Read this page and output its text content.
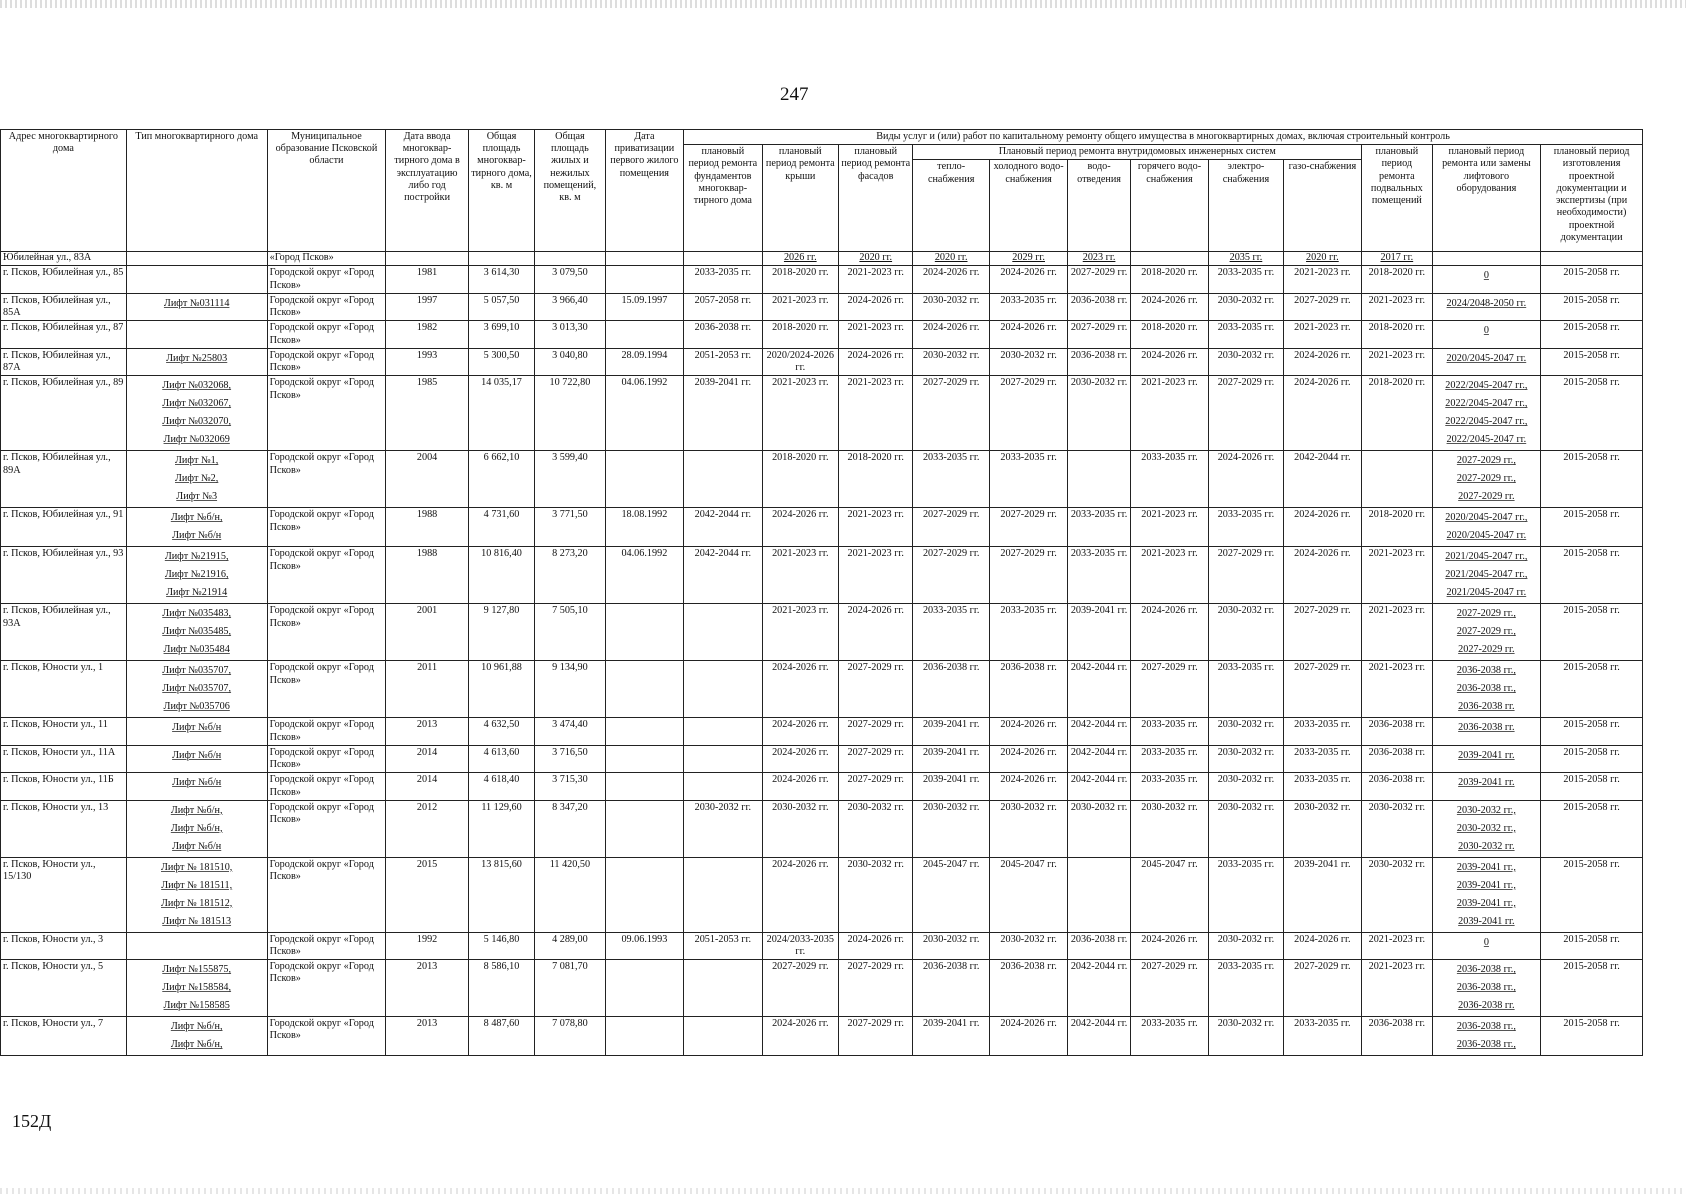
247
Адрес многоквартирного дома	Тип многоквартирного дома	Муниципальное образование Псковской области	Дата ввода многоквар-тирного дома в эксплуатацию либо год постройки	Общая площадь многоквар-тирного дома, кв. м	Общая площадь жилых и нежилых помещений, кв. м	Дата приватизации первого жилого помещения	Виды услуг и (или) работ по капитальному ремонту общего имущества в многоквартирных домах, включая строительный контроль											
							плановый период ремонта фундаментов многоквар-тирного дома	плановый период ремонта крыши	плановый период ремонта фасадов	Плановый период ремонта внутридомовых инженерных систем						плановый период ремонта подвальных помещений	плановый период ремонта или замены лифтового оборудования	плановый период изготовления проектной документации и экспертизы (при необходимости) проектной документации
										тепло-снабжения	холодного водо-снабжения	водо-отведения	горячего водо-снабжения	электро-снабжения	газо-снабжения			
Юбилейная ул., 83А		«Город Псков»						2026 гг.	2020 гг.	2020 гг.	2029 гг.	2023 гг.		2035 гг.	2020 гг.	2017 гг.		
г. Псков, Юбилейная ул., 85		Городской округ «Город Псков»	1981	3 614,30	3 079,50		2033-2035 гг.	2018-2020 гг.	2021-2023 гг.	2024-2026 гг.	2024-2026 гг.	2027-2029 гг.	2018-2020 гг.	2033-2035 гг.	2021-2023 гг.	2018-2020 гг.	0	2015-2058 гг.
г. Псков, Юбилейная ул., 85А	Лифт №031114	Городской округ «Город Псков»	1997	5 057,50	3 966,40	15.09.1997	2057-2058 гг.	2021-2023 гг.	2024-2026 гг.	2030-2032 гг.	2033-2035 гг.	2036-2038 гг.	2024-2026 гг.	2030-2032 гг.	2027-2029 гг.	2021-2023 гг.	2024/2048-2050 гг.	2015-2058 гг.
г. Псков, Юбилейная ул., 87		Городской округ «Город Псков»	1982	3 699,10	3 013,30		2036-2038 гг.	2018-2020 гг.	2021-2023 гг.	2024-2026 гг.	2024-2026 гг.	2027-2029 гг.	2018-2020 гг.	2033-2035 гг.	2021-2023 гг.	2018-2020 гг.	0	2015-2058 гг.
г. Псков, Юбилейная ул., 87А	Лифт №25803	Городской округ «Город Псков»	1993	5 300,50	3 040,80	28.09.1994	2051-2053 гг.	2020/2024-2026 гг.	2024-2026 гг.	2030-2032 гг.	2030-2032 гг.	2036-2038 гг.	2024-2026 гг.	2030-2032 гг.	2024-2026 гг.	2021-2023 гг.	2020/2045-2047 гг.	2015-2058 гг.
г. Псков, Юбилейная ул., 89	Лифт №032068,
Лифт №032067,
Лифт №032070,
Лифт №032069	Городской округ «Город Псков»	1985	14 035,17	10 722,80	04.06.1992	2039-2041 гг.	2021-2023 гг.	2021-2023 гг.	2027-2029 гг.	2027-2029 гг.	2030-2032 гг.	2021-2023 гг.	2027-2029 гг.	2024-2026 гг.	2018-2020 гг.	2022/2045-2047 гг.,
2022/2045-2047 гг.,
2022/2045-2047 гг.,
2022/2045-2047 гг.	2015-2058 гг.
г. Псков, Юбилейная ул., 89А	Лифт №1,
Лифт №2,
Лифт №3	Городской округ «Город Псков»	2004	6 662,10	3 599,40			2018-2020 гг.	2018-2020 гг.	2033-2035 гг.	2033-2035 гг.		2033-2035 гг.	2024-2026 гг.	2042-2044 гг.		2027-2029 гг.,
2027-2029 гг.,
2027-2029 гг.	2015-2058 гг.
г. Псков, Юбилейная ул., 91	Лифт №б/н,
Лифт №б/н	Городской округ «Город Псков»	1988	4 731,60	3 771,50	18.08.1992	2042-2044 гг.	2024-2026 гг.	2021-2023 гг.	2027-2029 гг.	2027-2029 гг.	2033-2035 гг.	2021-2023 гг.	2033-2035 гг.	2024-2026 гг.	2018-2020 гг.	2020/2045-2047 гг.,
2020/2045-2047 гг.	2015-2058 гг.
г. Псков, Юбилейная ул., 93	Лифт №21915,
Лифт №21916,
Лифт №21914	Городской округ «Город Псков»	1988	10 816,40	8 273,20	04.06.1992	2042-2044 гг.	2021-2023 гг.	2021-2023 гг.	2027-2029 гг.	2027-2029 гг.	2033-2035 гг.	2021-2023 гг.	2027-2029 гг.	2024-2026 гг.	2021-2023 гг.	2021/2045-2047 гг.,
2021/2045-2047 гг.,
2021/2045-2047 гг.	2015-2058 гг.
г. Псков, Юбилейная ул., 93А	Лифт №035483,
Лифт №035485,
Лифт №035484	Городской округ «Город Псков»	2001	9 127,80	7 505,10			2021-2023 гг.	2024-2026 гг.	2033-2035 гг.	2033-2035 гг.	2039-2041 гг.	2024-2026 гг.	2030-2032 гг.	2027-2029 гг.	2021-2023 гг.	2027-2029 гг.,
2027-2029 гг.,
2027-2029 гг.	2015-2058 гг.
г. Псков, Юности ул., 1	Лифт №035707,
Лифт №035707,
Лифт №035706	Городской округ «Город Псков»	2011	10 961,88	9 134,90			2024-2026 гг.	2027-2029 гг.	2036-2038 гг.	2036-2038 гг.	2042-2044 гг.	2027-2029 гг.	2033-2035 гг.	2027-2029 гг.	2021-2023 гг.	2036-2038 гг.,
2036-2038 гг.,
2036-2038 гг.	2015-2058 гг.
г. Псков, Юности ул., 11	Лифт №б/н	Городской округ «Город Псков»	2013	4 632,50	3 474,40			2024-2026 гг.	2027-2029 гг.	2039-2041 гг.	2024-2026 гг.	2042-2044 гг.	2033-2035 гг.	2030-2032 гг.	2033-2035 гг.	2036-2038 гг.	2036-2038 гг.	2015-2058 гг.
г. Псков, Юности ул., 11А	Лифт №б/н	Городской округ «Город Псков»	2014	4 613,60	3 716,50			2024-2026 гг.	2027-2029 гг.	2039-2041 гг.	2024-2026 гг.	2042-2044 гг.	2033-2035 гг.	2030-2032 гг.	2033-2035 гг.	2036-2038 гг.	2039-2041 гг.	2015-2058 гг.
г. Псков, Юности ул., 11Б	Лифт №б/н	Городской округ «Город Псков»	2014	4 618,40	3 715,30			2024-2026 гг.	2027-2029 гг.	2039-2041 гг.	2024-2026 гг.	2042-2044 гг.	2033-2035 гг.	2030-2032 гг.	2033-2035 гг.	2036-2038 гг.	2039-2041 гг.	2015-2058 гг.
г. Псков, Юности ул., 13	Лифт №б/н,
Лифт №б/н,
Лифт №б/н	Городской округ «Город Псков»	2012	11 129,60	8 347,20		2030-2032 гг.	2030-2032 гг.	2030-2032 гг.	2030-2032 гг.	2030-2032 гг.	2030-2032 гг.	2030-2032 гг.	2030-2032 гг.	2030-2032 гг.	2030-2032 гг.	2030-2032 гг.,
2030-2032 гг.,
2030-2032 гг.	2015-2058 гг.
г. Псков, Юности ул., 15/130	Лифт № 181510,
Лифт № 181511,
Лифт № 181512,
Лифт № 181513	Городской округ «Город Псков»	2015	13 815,60	11 420,50			2024-2026 гг.	2030-2032 гг.	2045-2047 гг.	2045-2047 гг.		2045-2047 гг.	2033-2035 гг.	2039-2041 гг.	2030-2032 гг.	2039-2041 гг.,
2039-2041 гг.,
2039-2041 гг.,
2039-2041 гг.	2015-2058 гг.
г. Псков, Юности ул., 3		Городской округ «Город Псков»	1992	5 146,80	4 289,00	09.06.1993	2051-2053 гг.	2024/2033-2035 гг.	2024-2026 гг.	2030-2032 гг.	2030-2032 гг.	2036-2038 гг.	2024-2026 гг.	2030-2032 гг.	2024-2026 гг.	2021-2023 гг.	0	2015-2058 гг.
г. Псков, Юности ул., 5	Лифт №155875,
Лифт №158584,
Лифт №158585	Городской округ «Город Псков»	2013	8 586,10	7 081,70			2027-2029 гг.	2027-2029 гг.	2036-2038 гг.	2036-2038 гг.	2042-2044 гг.	2027-2029 гг.	2033-2035 гг.	2027-2029 гг.	2021-2023 гг.	2036-2038 гг.,
2036-2038 гг.,
2036-2038 гг.	2015-2058 гг.
г. Псков, Юности ул., 7	Лифт №б/н,
Лифт №б/н,	Городской округ «Город Псков»	2013	8 487,60	7 078,80			2024-2026 гг.	2027-2029 гг.	2039-2041 гг.	2024-2026 гг.	2042-2044 гг.	2033-2035 гг.	2030-2032 гг.	2033-2035 гг.	2036-2038 гг.	2036-2038 гг.,
2036-2038 гг.,	2015-2058 гг.
152Д
